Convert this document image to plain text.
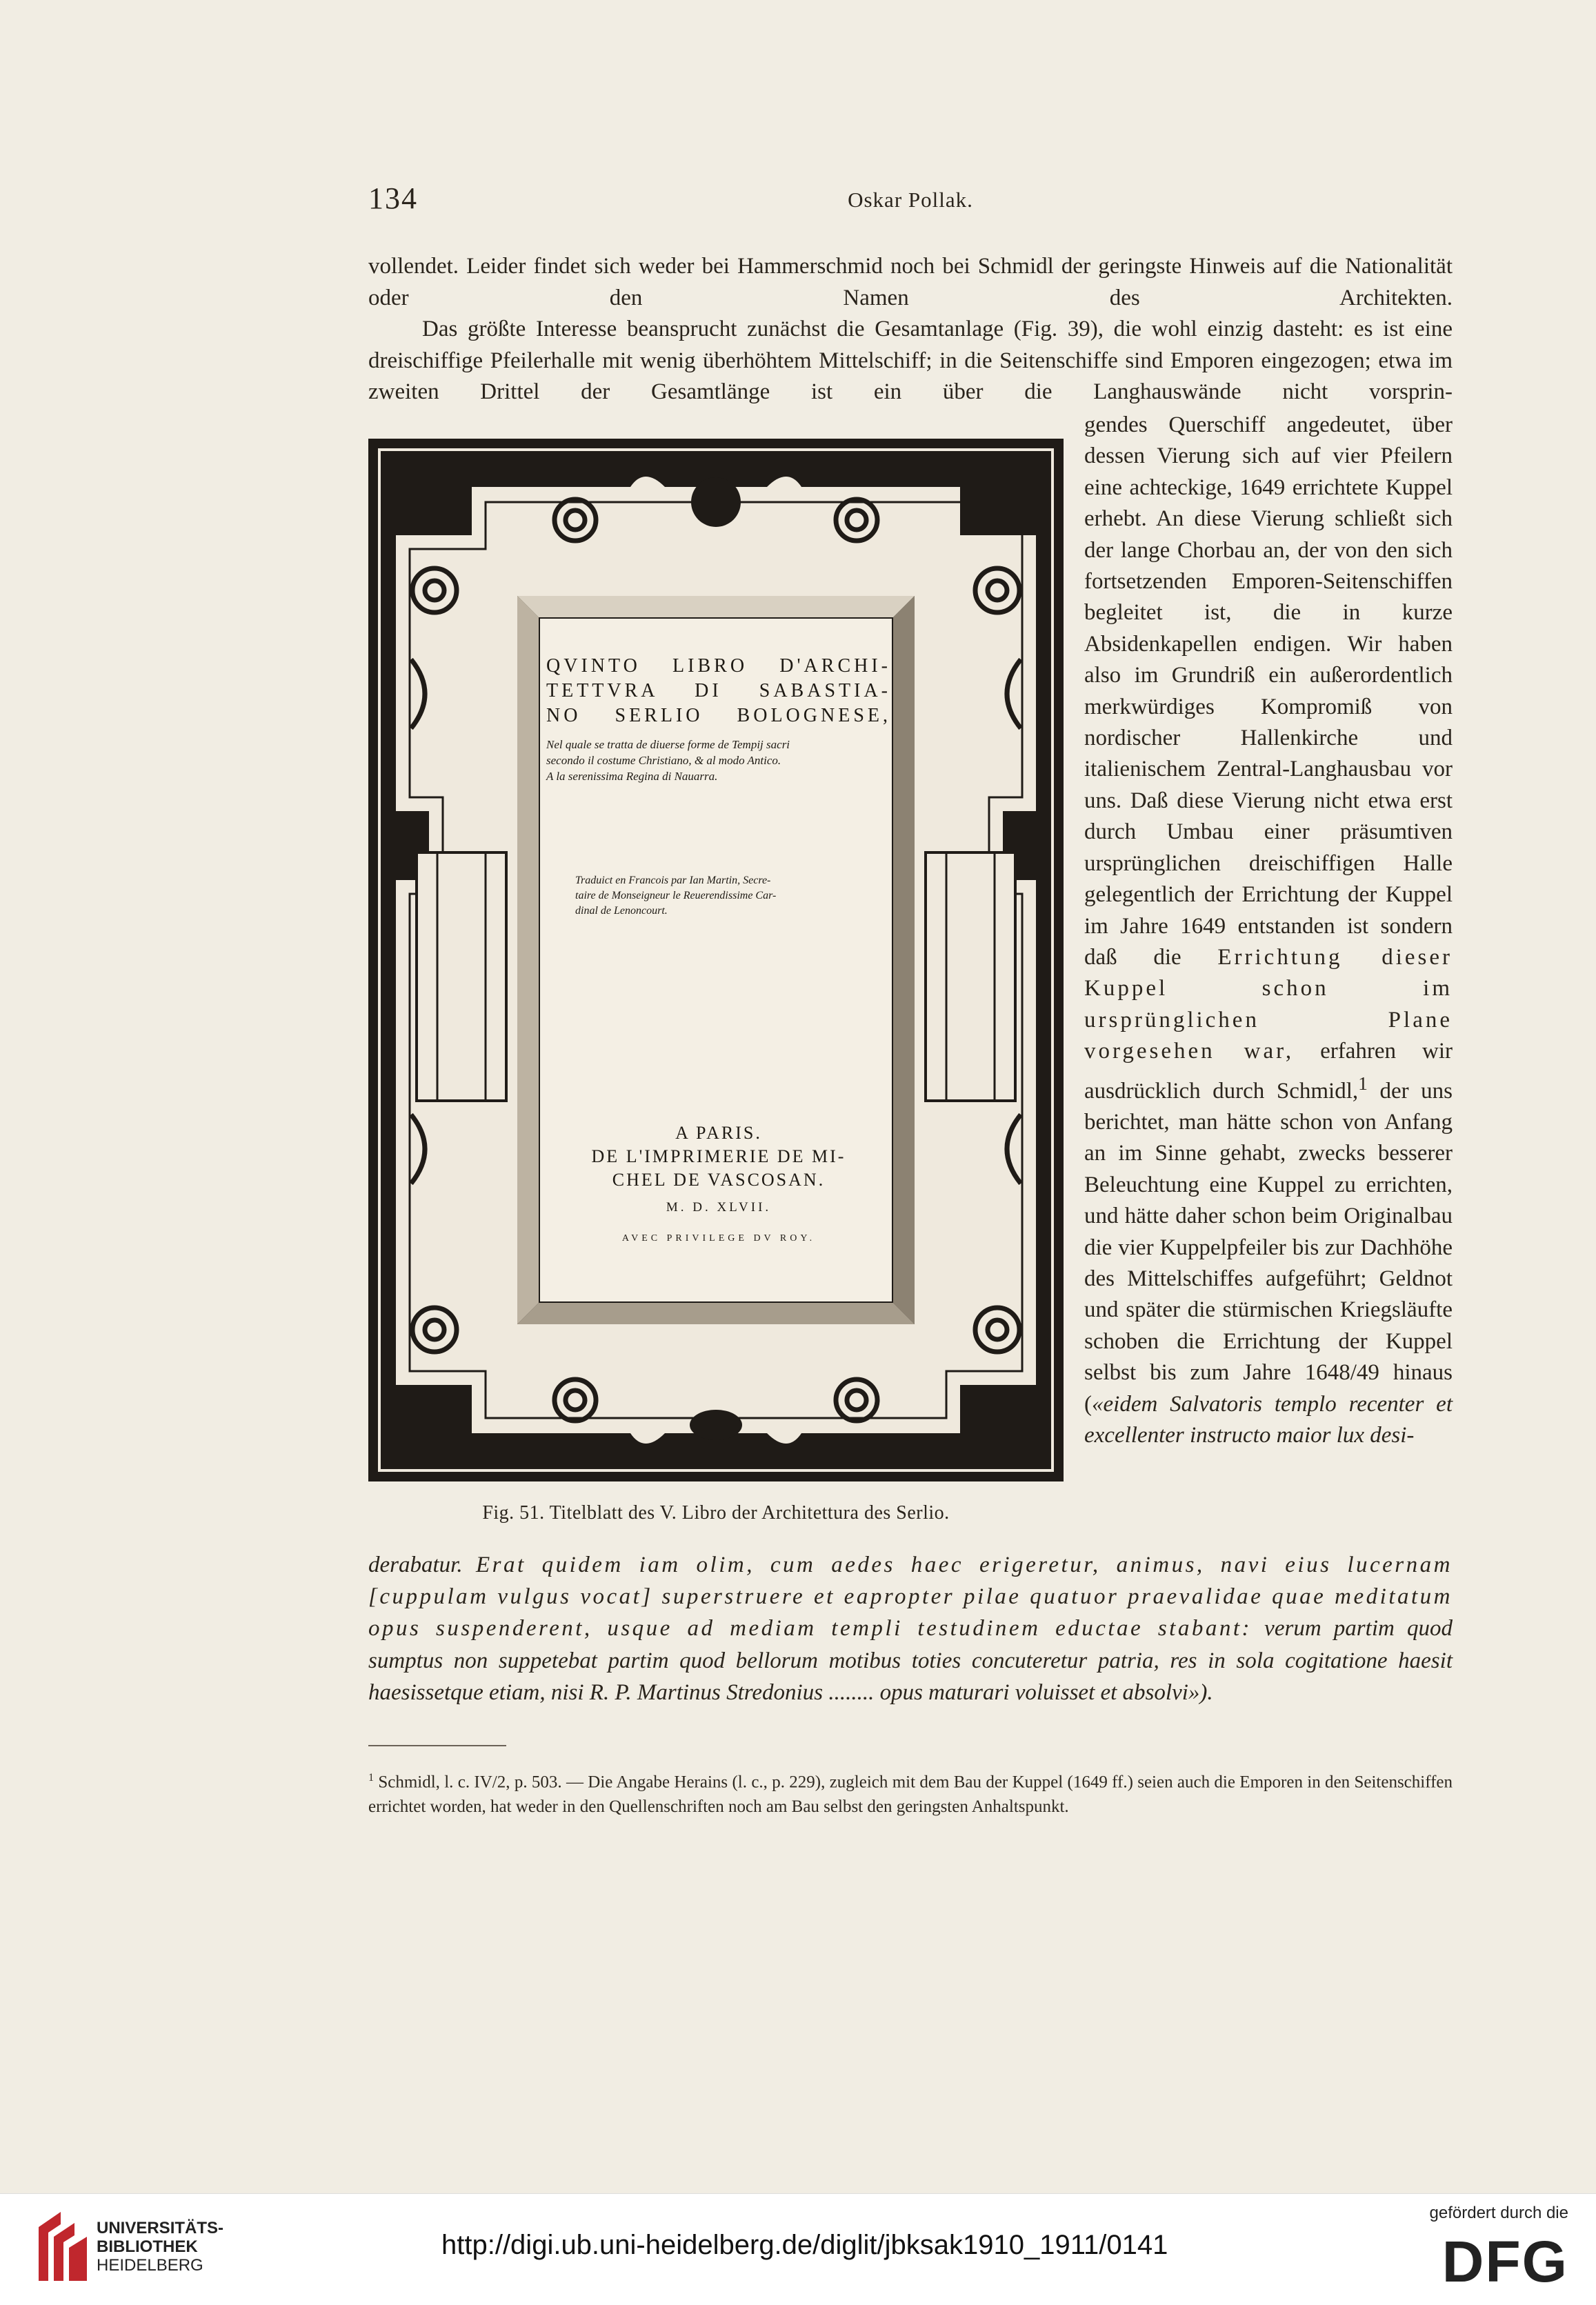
134	Oskar Pollak.

vollendet. Leider findet sich weder bei Hammerschmid noch bei Schmidl der geringste Hinweis auf die Nationalität oder den Namen des Architekten.

Das größte Interesse beansprucht zunächst die Gesamtanlage (Fig. 39), die wohl einzig dasteht: es ist eine dreischiffige Pfeilerhalle mit wenig überhöhtem Mittelschiff; in die Seitenschiffe sind Emporen eingezogen; etwa im zweiten Drittel der Gesamtlänge ist ein über die Langhauswände nicht vorsprin-

QVINTO LIBRO D'ARCHI-
TETTVRA DI SABASTIA-
NO SERLIO BOLOGNESE,
Nel quale se tratta de diuerse forme de Tempij sacri
secondo il costume Christiano, & al modo Antico.
A la serenissima Regina di Nauarra.
Traduict en Francois par Ian Martin, Secre-
taire de Monseigneur le Reuerendissime Car-
dinal de Lenoncourt.
A PARIS.
DE L'IMPRIMERIE DE MI-
CHEL DE VASCOSAN.
M. D. XLVII.
AVEC PRIVILEGE DV ROY.
Fig. 51. Titelblatt des V. Libro der Architettura des Serlio.

gendes Querschiff angedeutet, über dessen Vierung sich auf vier Pfeilern eine achteckige, 1649 errichtete Kuppel erhebt. An diese Vierung schließt sich der lange Chorbau an, der von den sich fortsetzenden Emporen-Seitenschiffen begleitet ist, die in kurze Absidenkapellen endigen. Wir haben also im Grundriß ein außerordentlich merkwürdiges Kompromiß von nordischer Hallenkirche und italienischem Zentral-Langhausbau vor uns. Daß diese Vierung nicht etwa erst durch Umbau einer präsumtiven ursprünglichen dreischiffigen Halle gelegentlich der Errichtung der Kuppel im Jahre 1649 entstanden ist sondern daß die Errichtung dieser Kuppel schon im ursprünglichen Plane vorgesehen war, erfahren wir ausdrücklich durch Schmidl,$^1$ der uns berichtet, man hätte schon von Anfang an im Sinne gehabt, zwecks besserer Beleuchtung eine Kuppel zu errichten, und hätte daher schon beim Originalbau die vier Kuppelpfeiler bis zur Dachhöhe des Mittelschiffes aufgeführt; Geldnot und später die stürmischen Kriegsläufte schoben die Errichtung der Kuppel selbst bis zum Jahre 1648/49 hinaus («eidem Salvatoris templo recenter et excellenter instructo maior lux desi-

derabatur. Erat quidem iam olim, cum aedes haec erigeretur, animus, navi eius lucernam [cuppulam vulgus vocat] superstruere et eapropter pilae quatuor praevalidae quae meditatum opus suspenderent, usque ad mediam templi testudinem eductae stabant: verum partim quod sumptus non suppetebat partim quod bellorum motibus toties concuteretur patria, res in sola cogitatione haesit haesissetque etiam, nisi R. P. Martinus Stredonius ........ opus maturari voluisset et absolvi»).

$^1$ Schmidl, l. c. IV/2, p. 503. — Die Angabe Herains (l. c., p. 229), zugleich mit dem Bau der Kuppel (1649 ff.) seien auch die Emporen in den Seitenschiffen errichtet worden, hat weder in den Quellenschriften noch am Bau selbst den geringsten Anhaltspunkt.
UNIVERSITÄTS-
BIBLIOTHEK
HEIDELBERG
http://digi.ub.uni-heidelberg.de/diglit/jbksak1910_1911/0141
gefördert durch die
DFG
